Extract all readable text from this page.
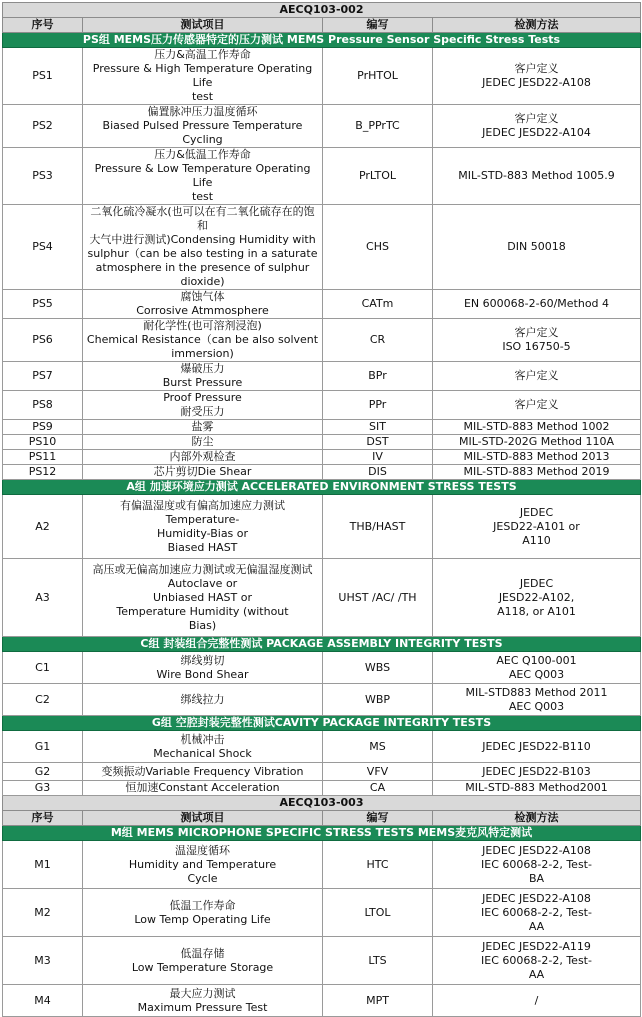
AECQ103-002			
序号	测试项目	编写	检测方法
PS组 MEMS压力传感器特定的压力测试 MEMS Pressure Sensor Specific Stress Tests			
PS1	压力&高温工作寿命
Pressure & High Temperature Operating Life
test	PrHTOL	客户定义
JEDEC JESD22-A108

PS2	偏置脉冲压力温度循环
Biased Pulsed Pressure Temperature Cycling	B_PPrTC	客户定义
JEDEC JESD22-A104

PS3	压力&低温工作寿命
Pressure & Low Temperature Operating Life
test	PrLTOL	MIL-STD-883 Method 1005.9

PS4	二氧化硫冷凝水(也可以在有二氧化硫存在的饱和
大气中进行测试)Condensing Humidity with
sulphur（can be also testing in a saturate
atmosphere in the presence of sulphur
dioxide)	CHS	DIN 50018

PS5	腐蚀气体
Corrosive Atmmosphere	CATm	EN 600068-2-60/Method 4

PS6	耐化学性(也可溶剂浸泡)
Chemical Resistance（can be also solvent
immersion)	CR	客户定义
ISO 16750-5

PS7	爆破压力
Burst Pressure	BPr	客户定义

PS8	Proof Pressure
耐受压力	PPr	客户定义

PS9	盐雾	SIT	MIL-STD-883 Method 1002

PS10	防尘	DST	MIL-STD-202G Method 110A

PS11	内部外观检查	IV	MIL-STD-883 Method 2013

PS12	芯片剪切Die Shear	DIS	MIL-STD-883 Method 2019

A组 加速环境应力测试 ACCELERATED ENVIRONMENT STRESS TESTS			
A2	有偏温湿度或有偏高加速应力测试
Temperature-
Humidity-Bias or
Biased HAST	THB/HAST	JEDEC
JESD22-A101 or
A110

A3	高压或无偏高加速应力测试或无偏温湿度测试
Autoclave or
Unbiased HAST or
Temperature Humidity (without
Bias)	UHST /AC/ /TH	JEDEC
JESD22-A102,
A118, or A101

C组 封装组合完整性测试 PACKAGE ASSEMBLY INTEGRITY TESTS			
C1	绑线剪切
Wire Bond Shear	WBS	AEC Q100-001
AEC Q003

C2	绑线拉力	WBP	MIL-STD883 Method 2011
AEC Q003

G组 空腔封装完整性测试CAVITY PACKAGE INTEGRITY TESTS			
G1	机械冲击
Mechanical Shock	MS	JEDEC JESD22-B110

G2	变频振动Variable Frequency Vibration	VFV	JEDEC JESD22-B103

G3	恒加速Constant Acceleration	CA	MIL-STD-883 Method2001

AECQ103-003			
序号	测试项目	编写	检测方法
M组 MEMS MICROPHONE SPECIFIC STRESS TESTS MEMS麦克风特定测试			
M1	温湿度循环
Humidity and Temperature
Cycle	HTC	JEDEC JESD22-A108
IEC 60068-2-2, Test-
BA

M2	低温工作寿命
Low Temp Operating Life	LTOL	JEDEC JESD22-A108
IEC 60068-2-2, Test-
AA

M3	低温存储
Low Temperature Storage	LTS	JEDEC JESD22-A119
IEC 60068-2-2, Test-
AA

M4	最大应力测试
Maximum Pressure Test	MPT	/
